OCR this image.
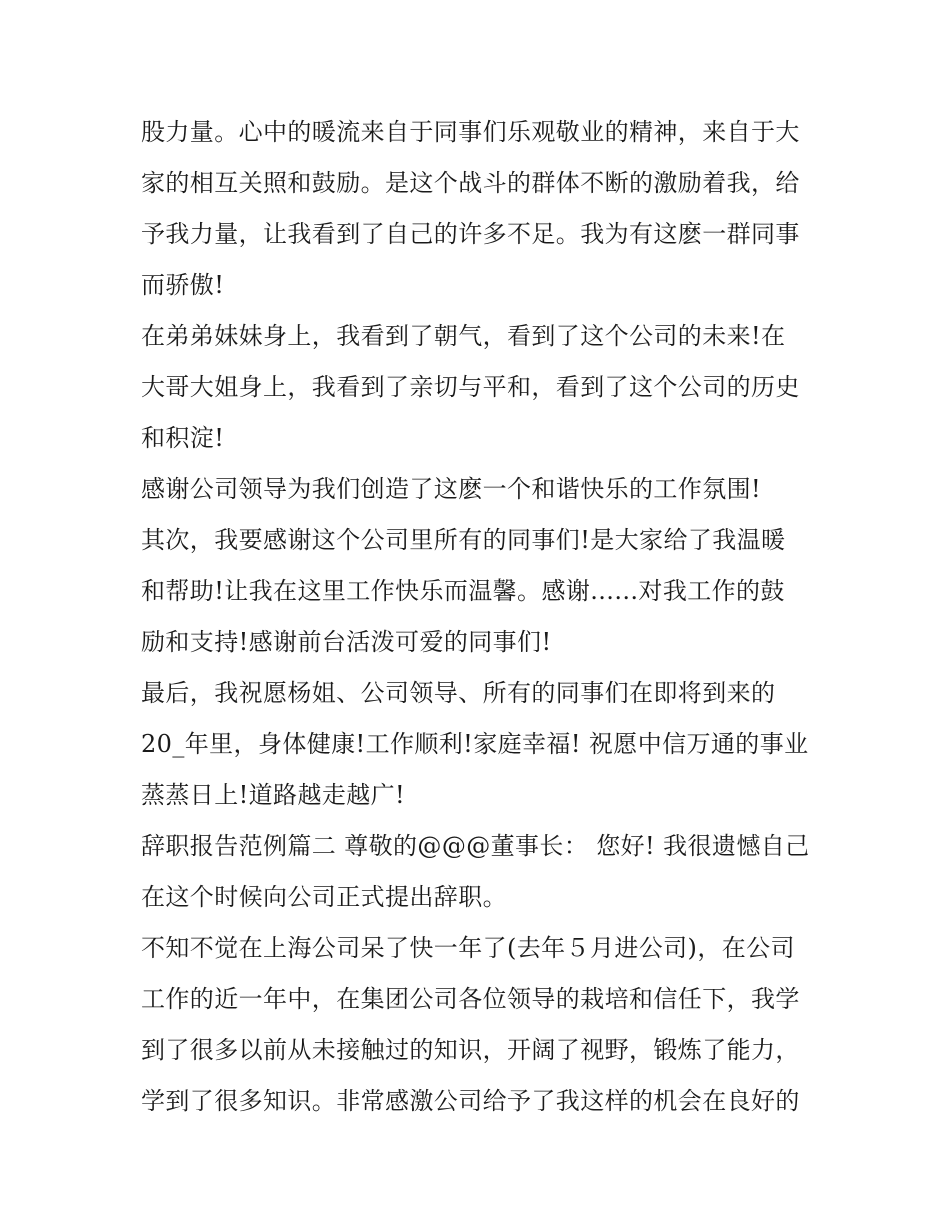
股力量。心中的暖流来自于同事们乐观敬业的精神，来自于大
家的相互关照和鼓励。是这个战斗的群体不断的激励着我，给
予我力量，让我看到了自己的许多不足。我为有这麽一群同事
而骄傲!
在弟弟妹妹身上，我看到了朝气，看到了这个公司的未来!在
大哥大姐身上，我看到了亲切与平和，看到了这个公司的历史
和积淀!
感谢公司领导为我们创造了这麽一个和谐快乐的工作氛围!
其次，我要感谢这个公司里所有的同事们!是大家给了我温暖
和帮助!让我在这里工作快乐而温馨。感谢......对我工作的鼓
励和支持!感谢前台活泼可爱的同事们!
最后，我祝愿杨姐、公司领导、所有的同事们在即将到来的
20_年里，身体健康!工作顺利!家庭幸福! 祝愿中信万通的事业
蒸蒸日上!道路越走越广!
辞职报告范例篇二 尊敬的@@@董事长： 您好! 我很遗憾自己
在这个时候向公司正式提出辞职。
不知不觉在上海公司呆了快一年了(去年５月进公司)，在公司
工作的近一年中，在集团公司各位领导的栽培和信任下，我学
到了很多以前从未接触过的知识，开阔了视野，锻炼了能力，
学到了很多知识。非常感激公司给予了我这样的机会在良好的
